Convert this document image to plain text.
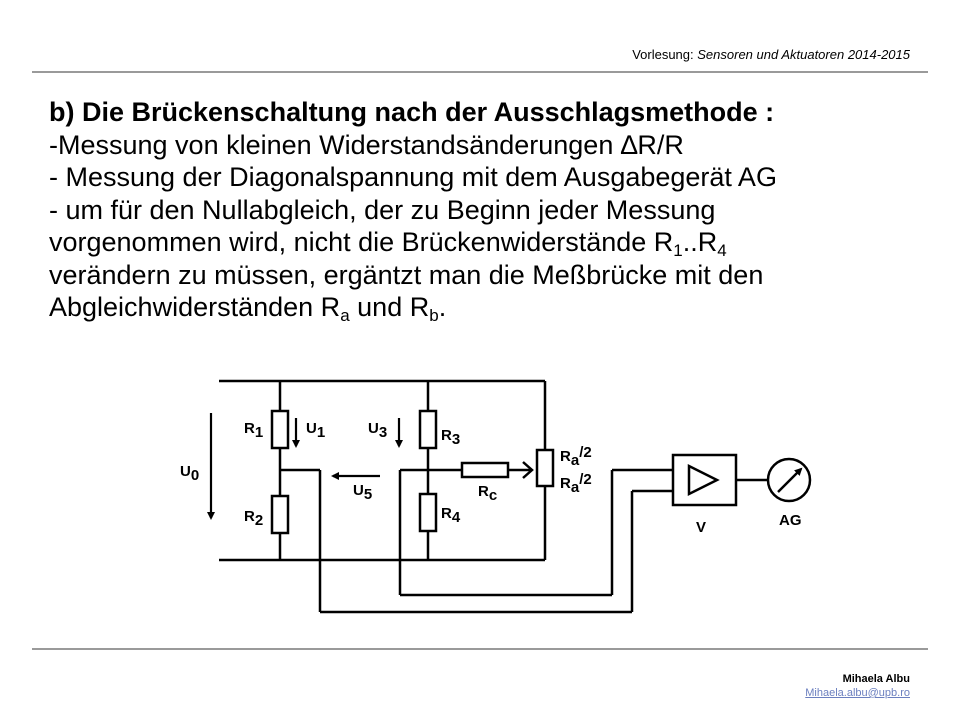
Vorlesung: Sensoren und Aktuatoren 2014-2015
b) Die Brückenschaltung nach der Ausschlagsmethode :
-Messung von kleinen Widerstandsänderungen ∆R/R
- Messung der Diagonalspannung mit dem Ausgabegerät AG
- um für den Nullabgleich, der zu Beginn jeder Messung
vorgenommen wird, nicht die Brückenwiderstände $R_1..R_4$
verändern zu müssen, ergäntzt man die Meßbrücke mit den
Abgleichwiderständen $R_a$ und $R_b$.
U0
R1	U1
R2
U3	R3
U5
R4
Rc
Ra/2
Ra/2
V	AG
Mihaela Albu
Mihaela.albu@upb.ro
